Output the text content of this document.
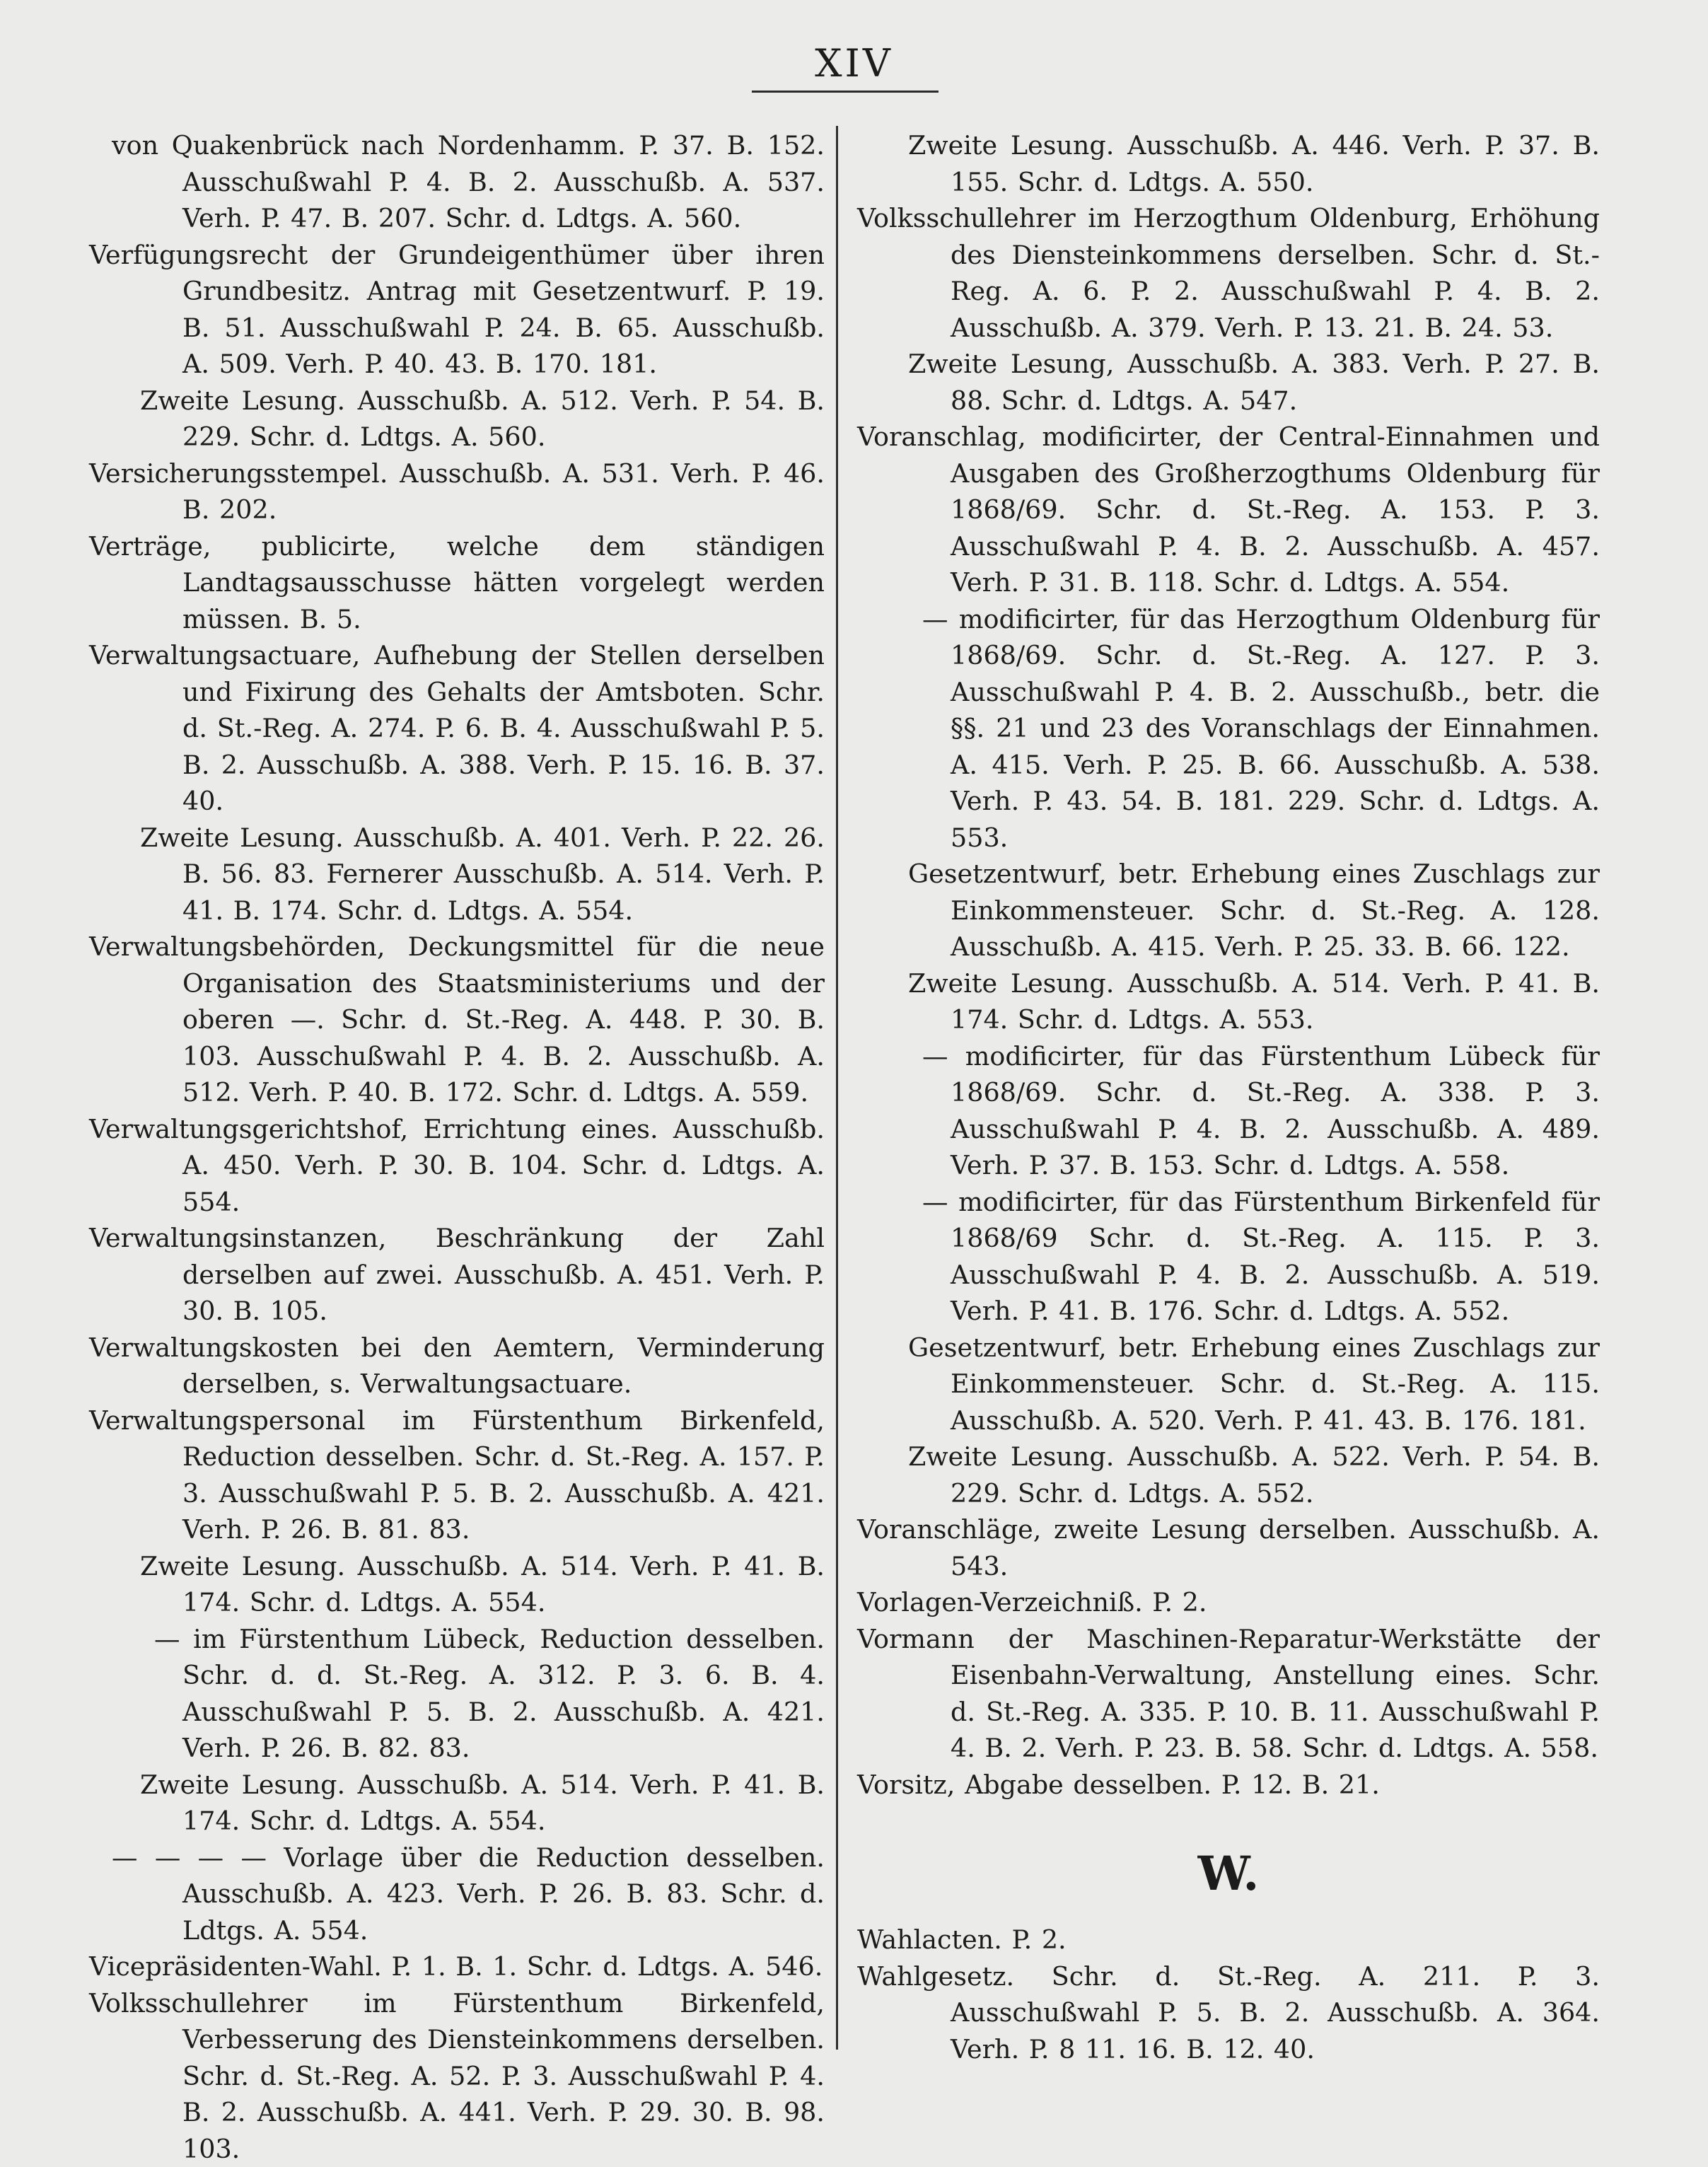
XIV

von Quakenbrück nach Nordenhamm. P. 37. B. 152. Ausschußwahl P. 4. B. 2. Ausschußb. A. 537. Verh. P. 47. B. 207. Schr. d. Ldtgs. A. 560.

Verfügungsrecht der Grundeigenthümer über ihren Grundbesitz. Antrag mit Gesetzentwurf. P. 19. B. 51. Ausschußwahl P. 24. B. 65. Ausschußb. A. 509. Verh. P. 40. 43. B. 170. 181.

Zweite Lesung. Ausschußb. A. 512. Verh. P. 54. B. 229. Schr. d. Ldtgs. A. 560.

Versicherungsstempel. Ausschußb. A. 531. Verh. P. 46. B. 202.

Verträge, publicirte, welche dem ständigen Landtagsausschusse hätten vorgelegt werden müssen. B. 5.

Verwaltungsactuare, Aufhebung der Stellen derselben und Fixirung des Gehalts der Amtsboten. Schr. d. St.-Reg. A. 274. P. 6. B. 4. Ausschußwahl P. 5. B. 2. Ausschußb. A. 388. Verh. P. 15. 16. B. 37. 40.

Zweite Lesung. Ausschußb. A. 401. Verh. P. 22. 26. B. 56. 83. Fernerer Ausschußb. A. 514. Verh. P. 41. B. 174. Schr. d. Ldtgs. A. 554.

Verwaltungsbehörden, Deckungsmittel für die neue Organisation des Staatsministeriums und der oberen —. Schr. d. St.-Reg. A. 448. P. 30. B. 103. Ausschußwahl P. 4. B. 2. Ausschußb. A. 512. Verh. P. 40. B. 172. Schr. d. Ldtgs. A. 559.

Verwaltungsgerichtshof, Errichtung eines. Ausschußb. A. 450. Verh. P. 30. B. 104. Schr. d. Ldtgs. A. 554.

Verwaltungsinstanzen, Beschränkung der Zahl derselben auf zwei. Ausschußb. A. 451. Verh. P. 30. B. 105.

Verwaltungskosten bei den Aemtern, Verminderung derselben, s. Verwaltungsactuare.

Verwaltungspersonal im Fürstenthum Birkenfeld, Reduction desselben. Schr. d. St.-Reg. A. 157. P. 3. Ausschußwahl P. 5. B. 2. Ausschußb. A. 421. Verh. P. 26. B. 81. 83.

Zweite Lesung. Ausschußb. A. 514. Verh. P. 41. B. 174. Schr. d. Ldtgs. A. 554.

— im Fürstenthum Lübeck, Reduction desselben. Schr. d. d. St.-Reg. A. 312. P. 3. 6. B. 4. Ausschußwahl P. 5. B. 2. Ausschußb. A. 421. Verh. P. 26. B. 82. 83.

Zweite Lesung. Ausschußb. A. 514. Verh. P. 41. B. 174. Schr. d. Ldtgs. A. 554.

— — — — Vorlage über die Reduction desselben. Ausschußb. A. 423. Verh. P. 26. B. 83. Schr. d. Ldtgs. A. 554.

Vicepräsidenten-Wahl. P. 1. B. 1. Schr. d. Ldtgs. A. 546.

Volksschullehrer im Fürstenthum Birkenfeld, Verbesserung des Diensteinkommens derselben. Schr. d. St.-Reg. A. 52. P. 3. Ausschußwahl P. 4. B. 2. Ausschußb. A. 441. Verh. P. 29. 30. B. 98. 103.

Zweite Lesung. Ausschußb. A. 446. Verh. P. 37. B. 155. Schr. d. Ldtgs. A. 550.

Volksschullehrer im Herzogthum Oldenburg, Erhöhung des Diensteinkommens derselben. Schr. d. St.-Reg. A. 6. P. 2. Ausschußwahl P. 4. B. 2. Ausschußb. A. 379. Verh. P. 13. 21. B. 24. 53.

Zweite Lesung, Ausschußb. A. 383. Verh. P. 27. B. 88. Schr. d. Ldtgs. A. 547.

Voranschlag, modificirter, der Central-Einnahmen und Ausgaben des Großherzogthums Oldenburg für 1868/69. Schr. d. St.-Reg. A. 153. P. 3. Ausschußwahl P. 4. B. 2. Ausschußb. A. 457. Verh. P. 31. B. 118. Schr. d. Ldtgs. A. 554.

— modificirter, für das Herzogthum Oldenburg für 1868/69. Schr. d. St.-Reg. A. 127. P. 3. Ausschußwahl P. 4. B. 2. Ausschußb., betr. die §§. 21 und 23 des Voranschlags der Einnahmen. A. 415. Verh. P. 25. B. 66. Ausschußb. A. 538. Verh. P. 43. 54. B. 181. 229. Schr. d. Ldtgs. A. 553.

Gesetzentwurf, betr. Erhebung eines Zuschlags zur Einkommensteuer. Schr. d. St.-Reg. A. 128. Ausschußb. A. 415. Verh. P. 25. 33. B. 66. 122.

Zweite Lesung. Ausschußb. A. 514. Verh. P. 41. B. 174. Schr. d. Ldtgs. A. 553.

— modificirter, für das Fürstenthum Lübeck für 1868/69. Schr. d. St.-Reg. A. 338. P. 3. Ausschußwahl P. 4. B. 2. Ausschußb. A. 489. Verh. P. 37. B. 153. Schr. d. Ldtgs. A. 558.

— modificirter, für das Fürstenthum Birkenfeld für 1868/69 Schr. d. St.-Reg. A. 115. P. 3. Ausschußwahl P. 4. B. 2. Ausschußb. A. 519. Verh. P. 41. B. 176. Schr. d. Ldtgs. A. 552.

Gesetzentwurf, betr. Erhebung eines Zuschlags zur Einkommensteuer. Schr. d. St.-Reg. A. 115. Ausschußb. A. 520. Verh. P. 41. 43. B. 176. 181.

Zweite Lesung. Ausschußb. A. 522. Verh. P. 54. B. 229. Schr. d. Ldtgs. A. 552.

Voranschläge, zweite Lesung derselben. Ausschußb. A. 543.

Vorlagen-Verzeichniß. P. 2.

Vormann der Maschinen-Reparatur-Werkstätte der Eisenbahn-Verwaltung, Anstellung eines. Schr. d. St.-Reg. A. 335. P. 10. B. 11. Ausschußwahl P. 4. B. 2. Verh. P. 23. B. 58. Schr. d. Ldtgs. A. 558.

Vorsitz, Abgabe desselben. P. 12. B. 21.

W.

Wahlacten. P. 2.

Wahlgesetz. Schr. d. St.-Reg. A. 211. P. 3. Ausschußwahl P. 5. B. 2. Ausschußb. A. 364. Verh. P. 8 11. 16. B. 12. 40.
